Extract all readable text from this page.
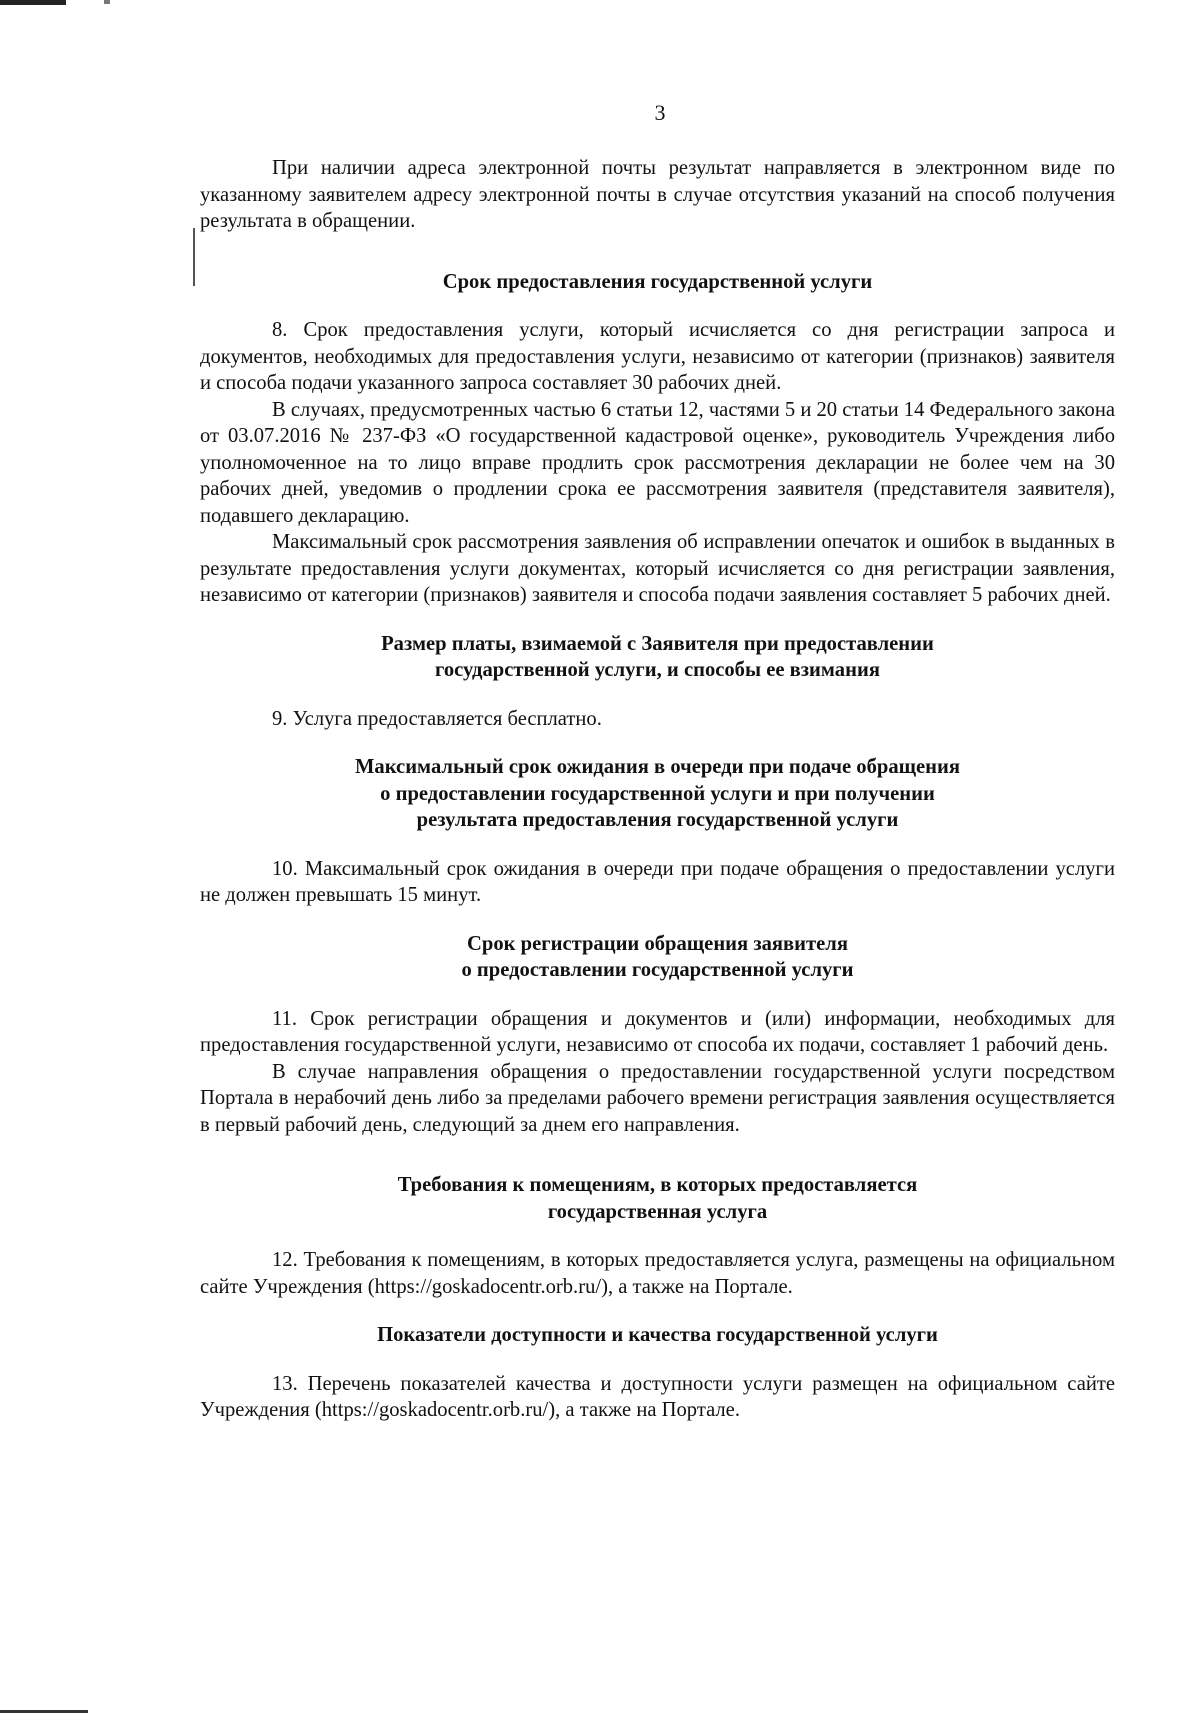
3

При наличии адреса электронной почты результат направляется в электронном виде по указанному заявителем адресу электронной почты в случае отсутствия указаний на способ получения результата в обращении.

Срок предоставления государственной услуги

8. Срок предоставления услуги, который исчисляется со дня регистрации запроса и документов, необходимых для предоставления услуги, независимо от категории (признаков) заявителя и способа подачи указанного запроса составляет 30 рабочих дней.

В случаях, предусмотренных частью 6 статьи 12, частями 5 и 20 статьи 14 Федерального закона от 03.07.2016 № 237-ФЗ «О государственной кадастровой оценке», руководитель Учреждения либо уполномоченное на то лицо вправе продлить срок рассмотрения декларации не более чем на 30 рабочих дней, уведомив о продлении срока ее рассмотрения заявителя (представителя заявителя), подавшего декларацию.

Максимальный срок рассмотрения заявления об исправлении опечаток и ошибок в выданных в результате предоставления услуги документах, который исчисляется со дня регистрации заявления, независимо от категории (признаков) заявителя и способа подачи заявления составляет 5 рабочих дней.

Размер платы, взимаемой с Заявителя при предоставлении
государственной услуги, и способы ее взимания

9. Услуга предоставляется бесплатно.

Максимальный срок ожидания в очереди при подаче обращения
о предоставлении государственной услуги и при получении
результата предоставления государственной услуги

10. Максимальный срок ожидания в очереди при подаче обращения о предоставлении услуги не должен превышать 15 минут.

Срок регистрации обращения заявителя
о предоставлении государственной услуги

11. Срок регистрации обращения и документов и (или) информации, необходимых для предоставления государственной услуги, независимо от способа их подачи, составляет 1 рабочий день.

В случае направления обращения о предоставлении государственной услуги посредством Портала в нерабочий день либо за пределами рабочего времени регистрация заявления осуществляется в первый рабочий день, следующий за днем его направления.

Требования к помещениям, в которых предоставляется
государственная услуга

12. Требования к помещениям, в которых предоставляется услуга, размещены на официальном сайте Учреждения (https://goskadocentr.orb.ru/), а также на Портале.

Показатели доступности и качества государственной услуги

13. Перечень показателей качества и доступности услуги размещен на официальном сайте Учреждения (https://goskadocentr.orb.ru/), а также на Портале.
